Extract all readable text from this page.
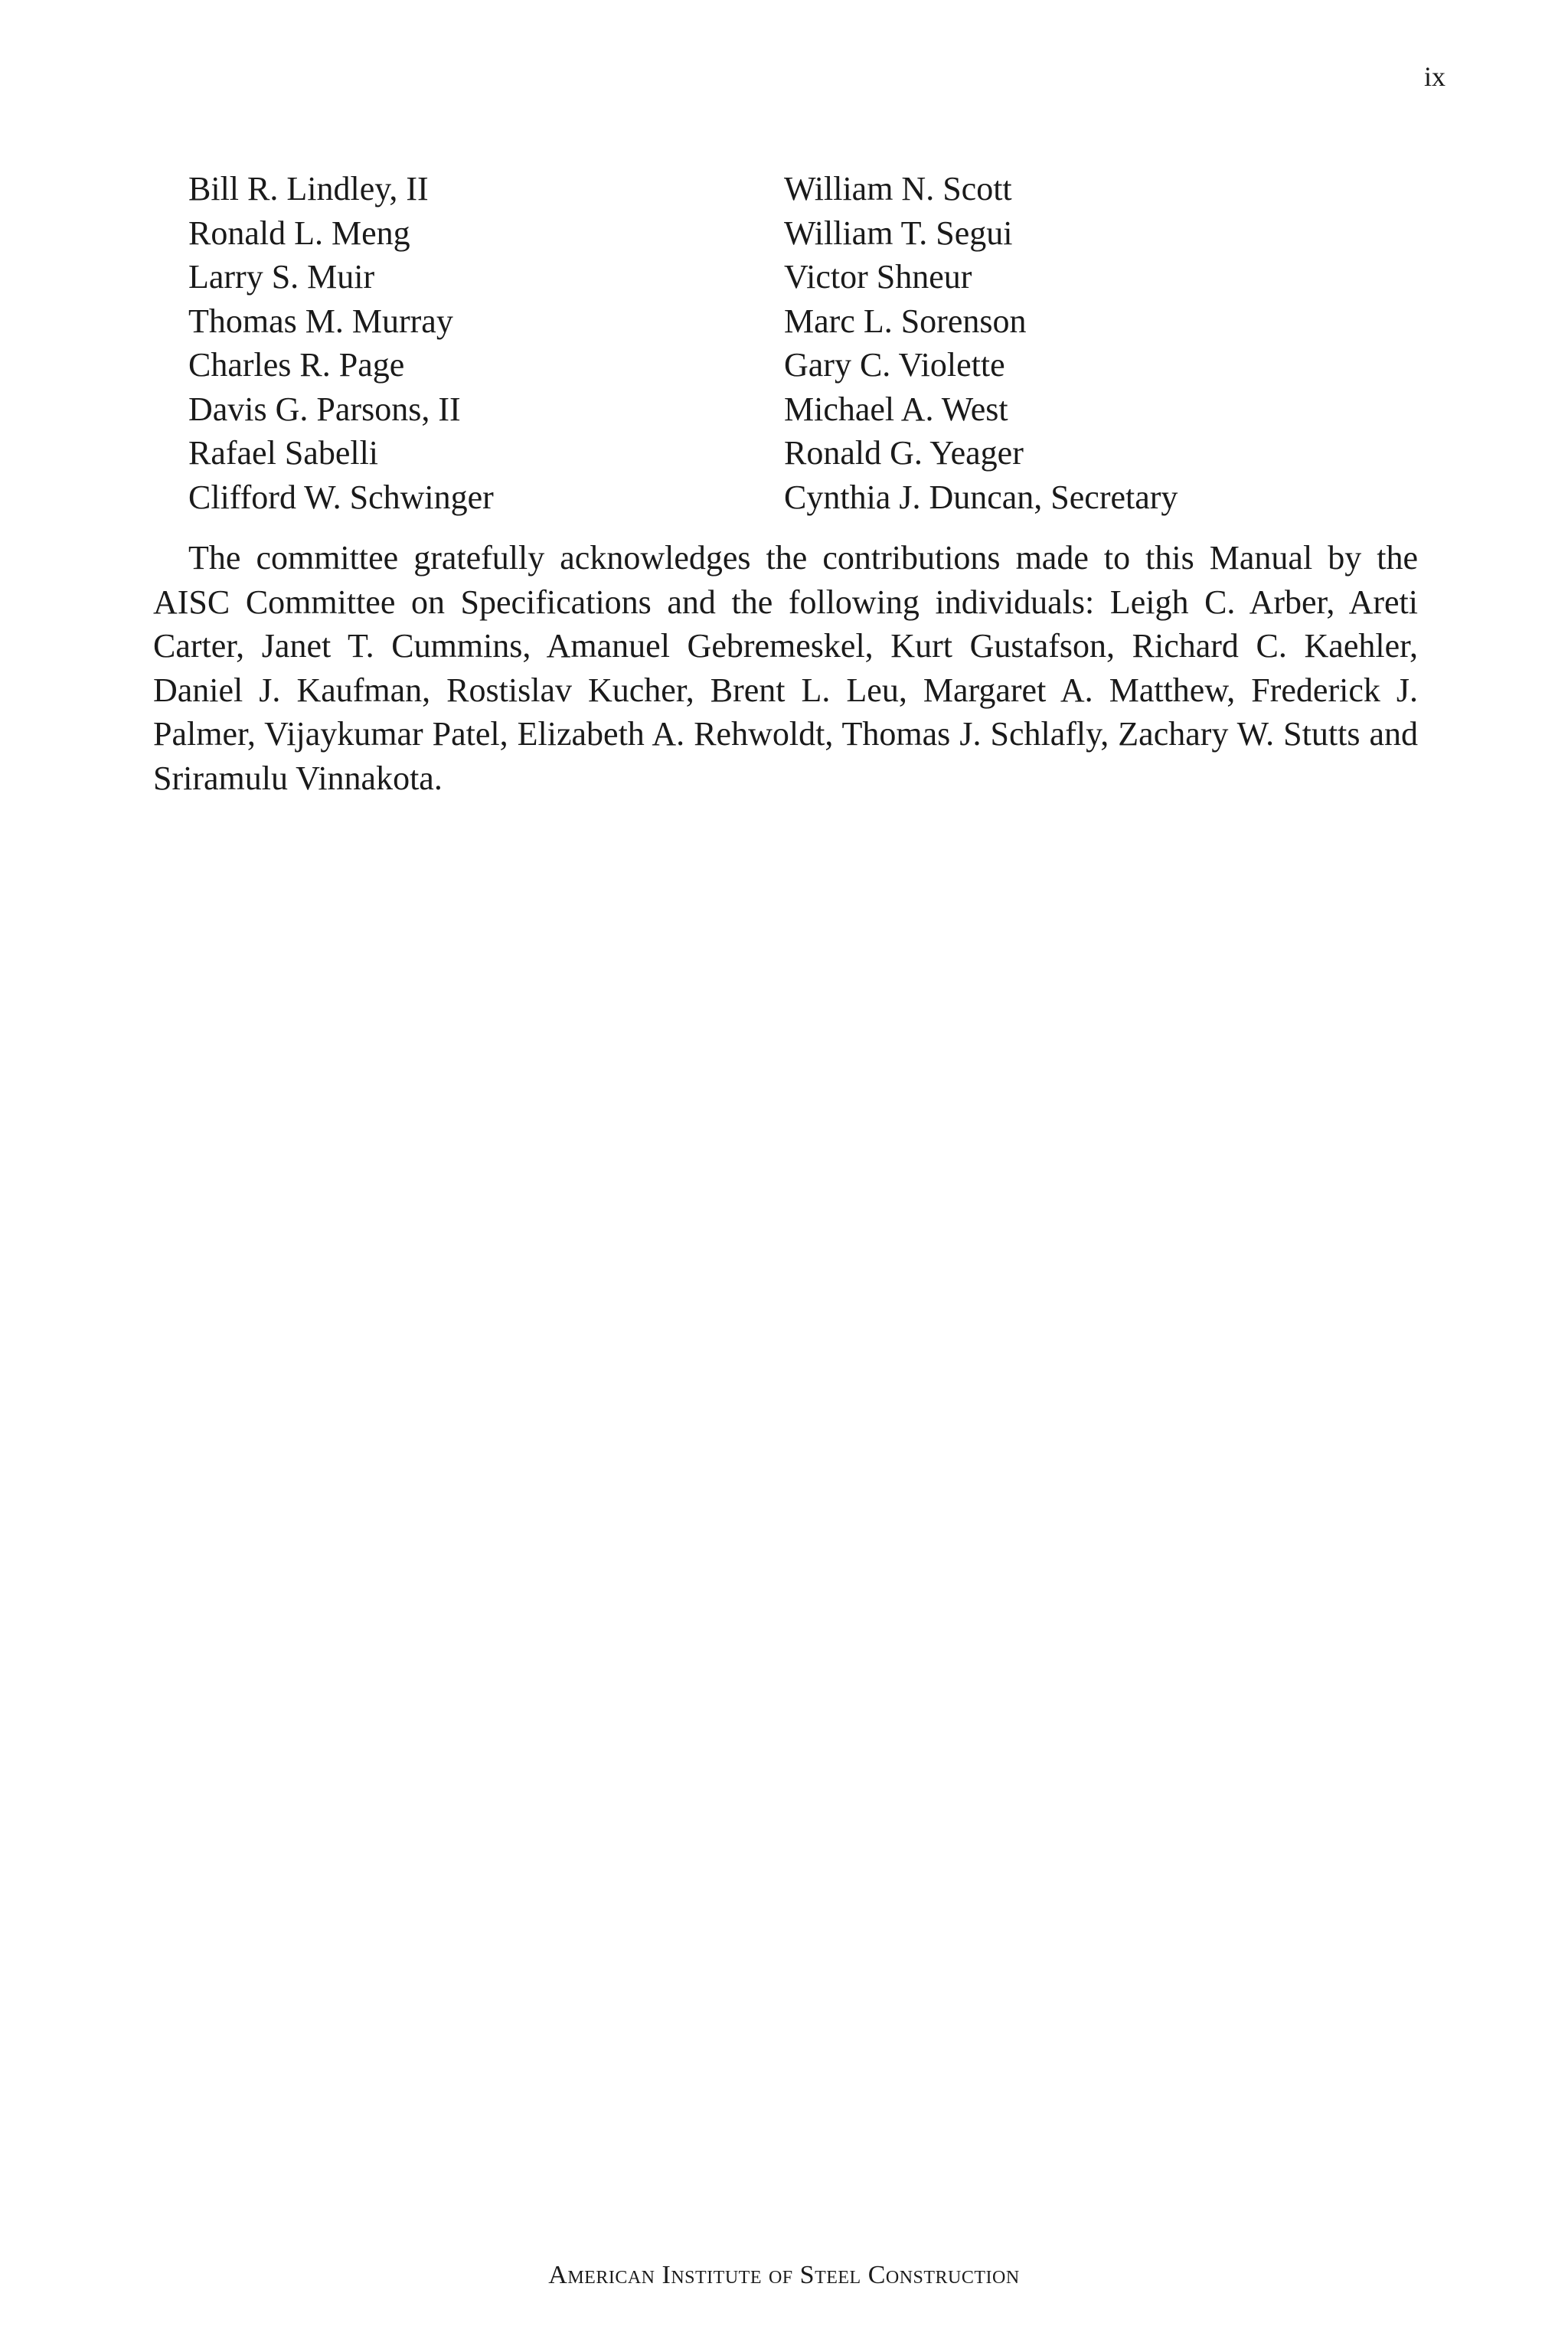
ix
Bill R. Lindley, II
Ronald L. Meng
Larry S. Muir
Thomas M. Murray
Charles R. Page
Davis G. Parsons, II
Rafael Sabelli
Clifford W. Schwinger
William N. Scott
William T. Segui
Victor Shneur
Marc L. Sorenson
Gary C. Violette
Michael A. West
Ronald G. Yeager
Cynthia J. Duncan, Secretary

The committee gratefully acknowledges the contributions made to this Manual by the AISC Committee on Specifications and the following individuals: Leigh C. Arber, Areti Carter, Janet T. Cummins, Amanuel Gebremeskel, Kurt Gustafson, Richard C. Kaehler, Daniel J. Kaufman, Rostislav Kucher, Brent L. Leu, Margaret A. Matthew, Frederick J. Palmer, Vijaykumar Patel, Elizabeth A. Rehwoldt, Thomas J. Schlafly, Zachary W. Stutts and Sriramulu Vinnakota.

American Institute of Steel Construction
